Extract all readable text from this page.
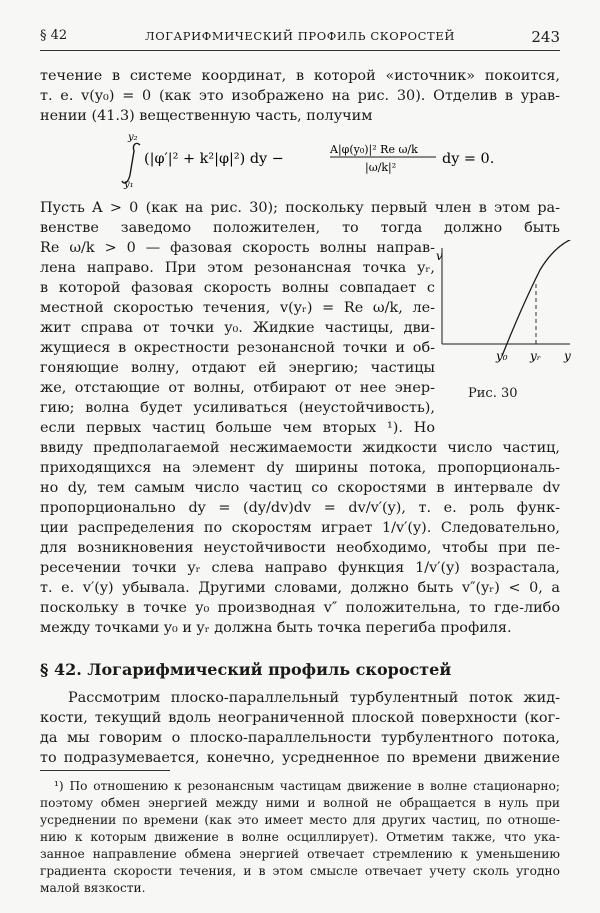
§ 42	ЛОГАРИФМИЧЕСКИЙ ПРОФИЛЬ СКОРОСТЕЙ	243
течение в системе координат, в которой «источник» покоится,
т. е. v(y₀) = 0 (как это изображено на рис. 30). Отделив в урав-
нении (41.3) вещественную часть, получим
y₂
y₁
(|φ′|² + k²|φ|²) dy −
A|φ(y₀)|² Re ω/k
|ω/k|²
dy = 0.
Пусть A > 0 (как на рис. 30); поскольку первый член в этом ра-
венстве заведомо положителен, то тогда должно быть
Re ω/k > 0 — фазовая скорость волны направ-
лена направо. При этом резонансная точка yᵣ,
в которой фазовая скорость волны совпадает с
местной скоростью течения, v(yᵣ) = Re ω/k, ле-
жит справа от точки y₀. Жидкие частицы, дви-
жущиеся в окрестности резонансной точки и об-
гоняющие волну, отдают ей энергию; частицы
же, отстающие от волны, отбирают от нее энер-
гию; волна будет усиливаться (неустойчивость),
если первых частиц больше чем вторых ¹). Но
v
y
y₀ yᵣ
Рис. 30
ввиду предполагаемой несжимаемости жидкости число частиц,
приходящихся на элемент dy ширины потока, пропорциональ-
но dy, тем самым число частиц со скоростями в интервале dv
пропорционально dy = (dy/dv)dv = dv/v′(y), т. е. роль функ-
ции распределения по скоростям играет 1/v′(y). Следовательно,
для возникновения неустойчивости необходимо, чтобы при пе-
ресечении точки yᵣ слева направо функция 1/v′(y) возрастала,
т. е. v′(y) убывала. Другими словами, должно быть v″(yᵣ) < 0, а
поскольку в точке y₀ производная v″ положительна, то где-либо
между точками y₀ и yᵣ должна быть точка перегиба профиля.
§ 42. Логарифмический профиль скоростей
Рассмотрим плоско-параллельный турбулентный поток жид-
кости, текущий вдоль неограниченной плоской поверхности (ког-
да мы говорим о плоско-параллельности турбулентного потока,
то подразумевается, конечно, усредненное по времени движение
¹) По отношению к резонансным частицам движение в волне стационарно;
поэтому обмен энергией между ними и волной не обращается в нуль при
усреднении по времени (как это имеет место для других частиц, по отноше-
нию к которым движение в волне осциллирует). Отметим также, что ука-
занное направление обмена энергией отвечает стремлению к уменьшению
градиента скорости течения, и в этом смысле отвечает учету сколь угодно
малой вязкости.
